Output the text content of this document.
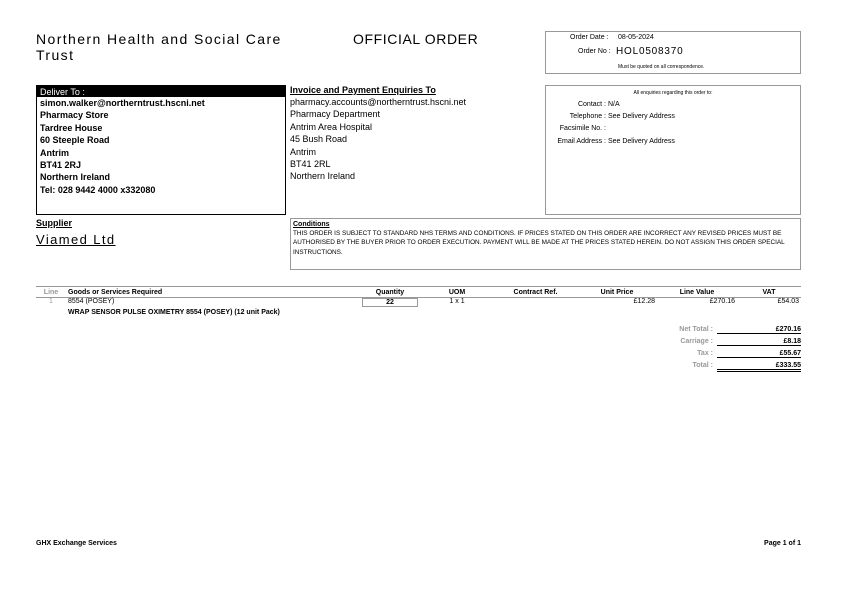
Northern Health and Social Care Trust
OFFICIAL ORDER	Order Date : 08-05-2024
Order No : HOL0508370
Must be quoted on all correspondence.
Deliver To :
simon.walker@northerntrust.hscni.net
Pharmacy Store
Tardree House
60 Steeple Road
Antrim
BT41 2RJ
Northern Ireland
Tel: 028 9442 4000 x332080
Invoice and Payment Enquiries To
pharmacy.accounts@northerntrust.hscni.net
Pharmacy Department
Antrim Area Hospital
45 Bush Road
Antrim
BT41 2RL
Northern Ireland
All enquiries regarding this order to:
Contact : N/A
Telephone : See Delivery Address
Facsimile No. :
Email Address : See Delivery Address
Supplier
Viamed Ltd
Conditions
THIS ORDER IS SUBJECT TO STANDARD NHS TERMS AND CONDITIONS. IF PRICES STATED ON THIS ORDER ARE INCORRECT ANY REVISED PRICES MUST BE AUTHORISED BY THE BUYER PRIOR TO ORDER EXECUTION. PAYMENT WILL BE MADE AT THE PRICES STATED HEREIN. DO NOT ASSIGN THIS ORDER SPECIAL INSTRUCTIONS.
Line	Goods or Services Required	Quantity	UOM	Contract Ref.	Unit Price	Line Value	VAT
1	8554 (POSEY)	22	1 x 1		£12.28	£270.16	£54.03
	WRAP SENSOR PULSE OXIMETRY 8554 (POSEY) (12 unit Pack)						
Net Total :	£270.16
Carriage :	£8.18
Tax :	£55.67
Total :	£333.55
GHX Exchange Services	Page 1 of 1
